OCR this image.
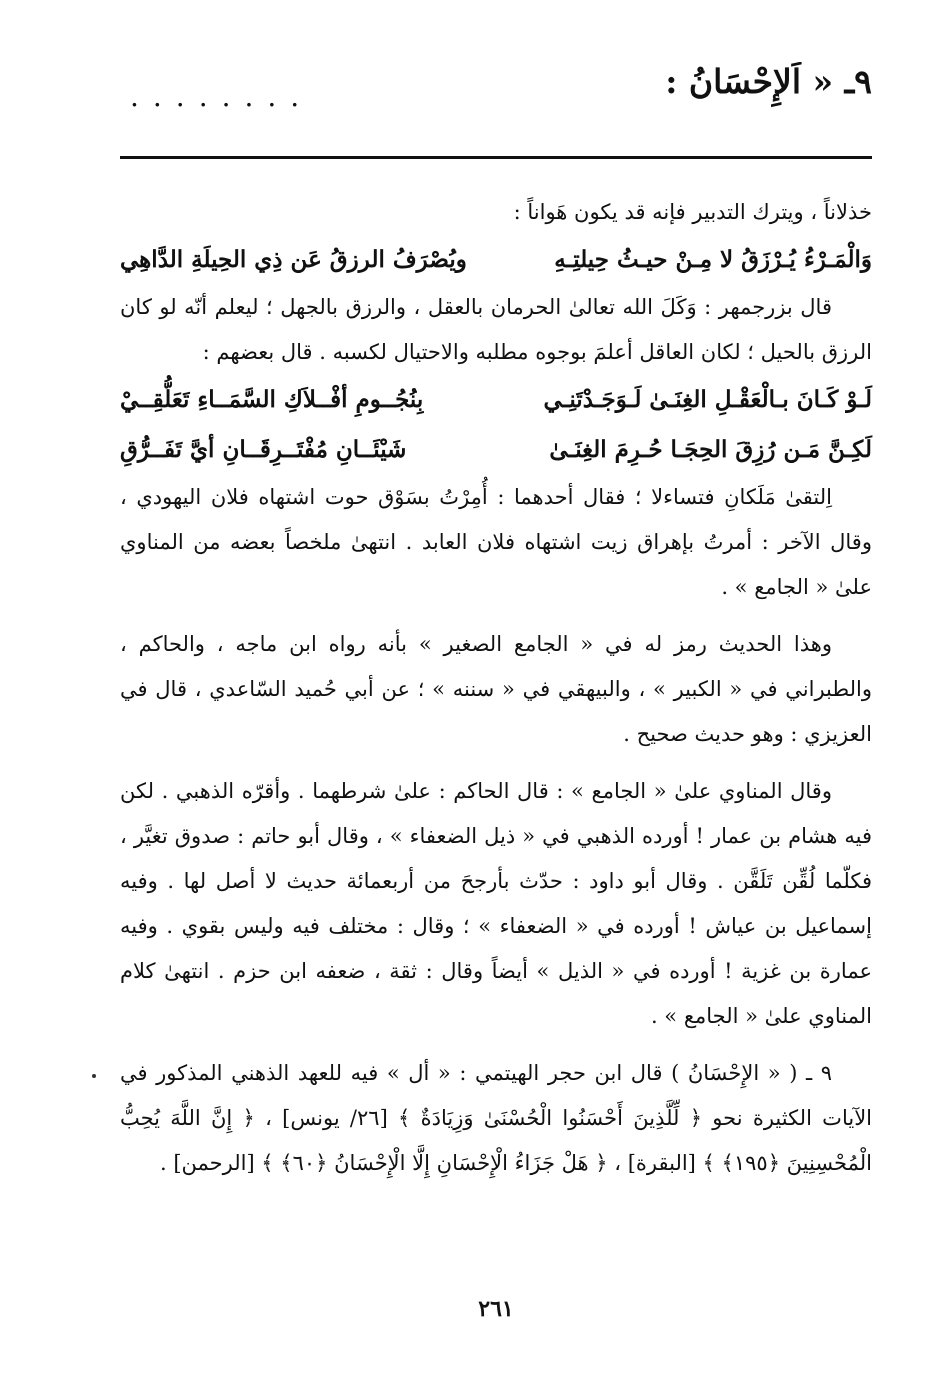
٩ـ « اَلإِحْسَانُ :
........

خذلاناً ، ويترك التدبير فإنه قد يكون هَواناً :

وَالْمَـرْءُ يُـرْزَقُ لا مِـنْ حيـثُ حِيلتِـهِ
ويُصْرَفُ الرزقُ عَن ذِي الحِيلَةِ الدَّاهِي

قال بزرجمهر : وَكَلَ الله تعالىٰ الحرمان بالعقل ، والرزق بالجهل ؛ ليعلم أنّه لو كان الرزق بالحيل ؛ لكان العاقل أعلمَ بوجوه مطلبه والاحتيال لكسبه . قال بعضهم :

لَـوْ كَـانَ بـالْعَقْـلِ الغِنَـىٰ لَـوَجَـدْتَنِـي
بِنُجُــومِ أفْــلاَكِ السَّمَــاءِ تَعَلُّقِــيْ
لَكِـنَّ مَـن رُزِقَ الحِجَـا حُـرِمَ الغِنَـىٰ
شَيْئَــانِ مُفْتَــرِقَــانِ أيَّ تَفَــرُّقِ

اِلتقىٰ مَلَكانِ فتساءلا ؛ فقال أحدهما : أُمِرْتُ بسَوْق حوت اشتهاه فلان اليهودي ، وقال الآخر : أمرتُ بإهراق زيت اشتهاه فلان العابد . انتهىٰ ملخصاً بعضه من المناوي علىٰ « الجامع » .

وهذا الحديث رمز له في « الجامع الصغير » بأنه رواه ابن ماجه ، والحاكم ، والطبراني في « الكبير » ، والبيهقي في « سننه » ؛ عن أبي حُميد السّاعدي ، قال في العزيزي : وهو حديث صحيح .

وقال المناوي علىٰ « الجامع » : قال الحاكم : علىٰ شرطهما . وأقرّه الذهبي . لكن فيه هشام بن عمار ! أورده الذهبي في « ذيل الضعفاء » ، وقال أبو حاتم : صدوق تغيَّر ، فكلّما لُقِّن تَلَقَّن . وقال أبو داود : حدّث بأرجحَ من أربعمائة حديث لا أصل لها . وفيه إسماعيل بن عياش ! أورده في « الضعفاء » ؛ وقال : مختلف فيه وليس بقوي . وفيه عمارة بن غزية ! أورده في « الذيل » أيضاً وقال : ثقة ، ضعفه ابن حزم . انتهىٰ كلام المناوي علىٰ « الجامع » .

٩ ـ ( « الإِحْسَانُ ) قال ابن حجر الهيتمي : « أل » فيه للعهد الذهني المذكور في الآيات الكثيرة نحو ﴿ لِّلَّذِينَ أَحْسَنُوا الْحُسْنَىٰ وَزِيَادَةٌ ﴾ [٢٦/ يونس] ، ﴿ إِنَّ اللَّهَ يُحِبُّ الْمُحْسِنِينَ ﴿١٩٥﴾ ﴾ [البقرة] ، ﴿ هَلْ جَزَاءُ الْإِحْسَانِ إِلَّا الْإِحْسَانُ ﴿٦٠﴾ ﴾ [الرحمن] .

٢٦١
